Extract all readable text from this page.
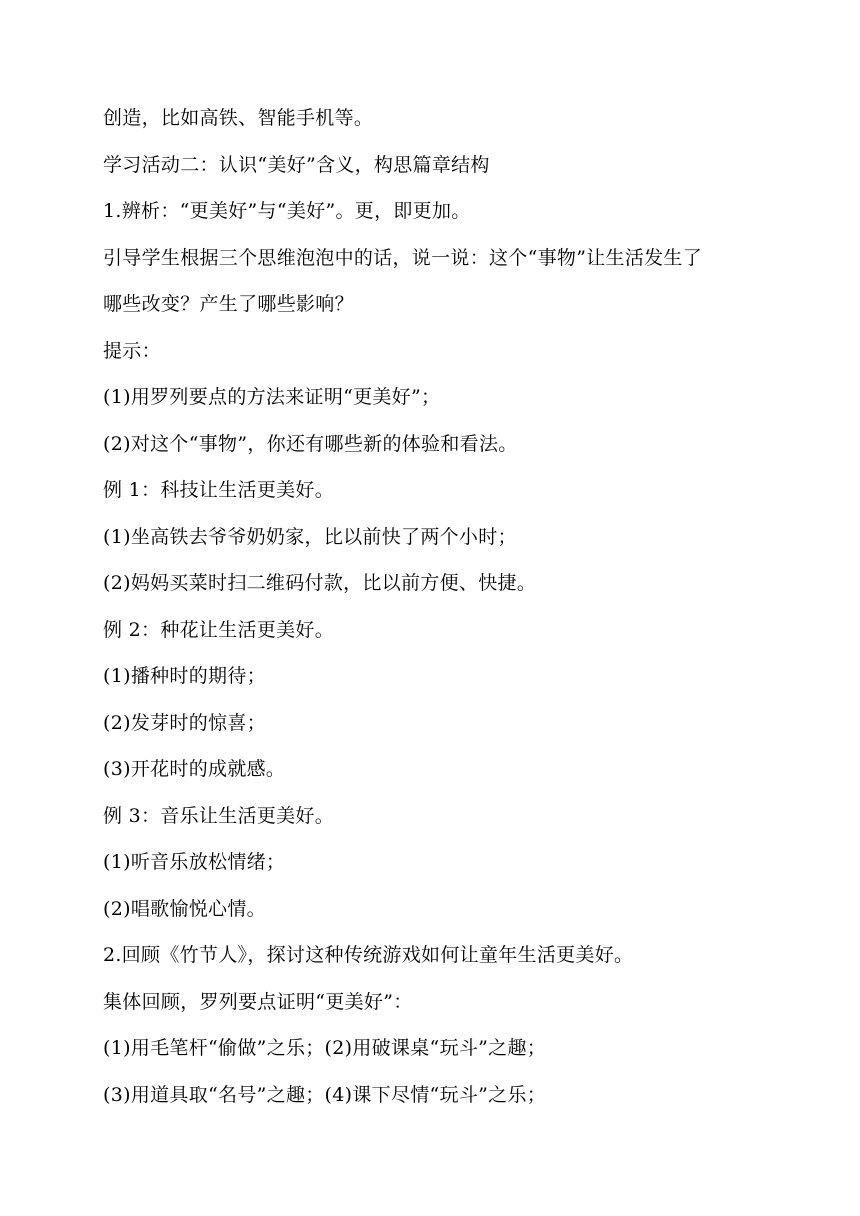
创造，比如高铁、智能手机等。
学习活动二：认识“美好”含义，构思篇章结构
1.辨析：“更美好”与“美好”。更，即更加。
引导学生根据三个思维泡泡中的话，说一说：这个“事物”让生活发生了
哪些改变？产生了哪些影响？
提示：
(1)用罗列要点的方法来证明“更美好”；
(2)对这个“事物”，你还有哪些新的体验和看法。
例 1：科技让生活更美好。
(1)坐高铁去爷爷奶奶家，比以前快了两个小时；
(2)妈妈买菜时扫二维码付款，比以前方便、快捷。
例 2：种花让生活更美好。
(1)播种时的期待；
(2)发芽时的惊喜；
(3)开花时的成就感。
例 3：音乐让生活更美好。
(1)听音乐放松情绪；
(2)唱歌愉悦心情。
2.回顾《竹节人》，探讨这种传统游戏如何让童年生活更美好。
集体回顾，罗列要点证明“更美好”：
(1)用毛笔杆“偷做”之乐；(2)用破课桌“玩斗”之趣；
(3)用道具取“名号”之趣；(4)课下尽情“玩斗”之乐；
